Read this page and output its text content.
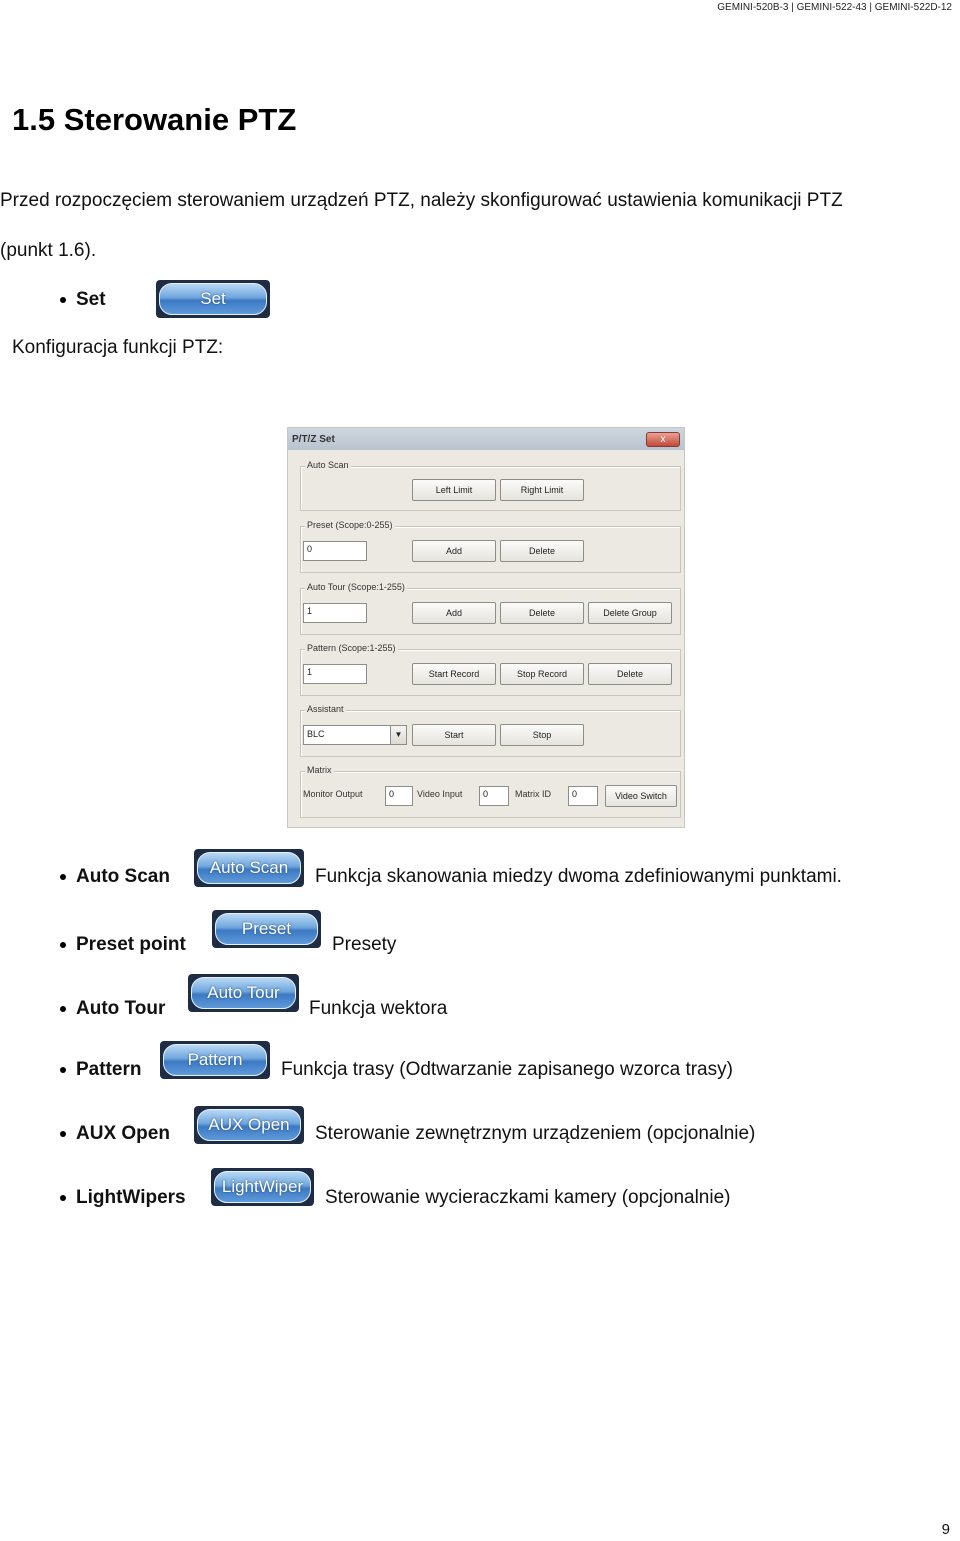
GEMINI-520B-3 | GEMINI-522-43 | GEMINI-522D-12
1.5 Sterowanie PTZ
Przed rozpoczęciem sterowaniem urządzeń PTZ, należy skonfigurować ustawienia komunikacji PTZ
(punkt 1.6).
Set	Set
Konfiguracja funkcji PTZ:
P/T/Z Set	x
Auto Scan
Left Limit	Right Limit
Preset (Scope:0-255)
0	Add	Delete
Auto Tour (Scope:1-255)
1	Add	Delete	Delete Group
Pattern (Scope:1-255)
1	Start Record	Stop Record	Delete
Assistant
BLC	▼	Start	Stop
Matrix
Monitor Output	0	Video Input	0	Matrix ID	0	Video Switch
Auto Scan	Auto Scan	Funkcja skanowania miedzy dwoma zdefiniowanymi punktami.
Preset point
Preset
Presety
Auto Tour
Auto Tour
Funkcja wektora
Pattern	Pattern	Funkcja trasy (Odtwarzanie zapisanego wzorca trasy)
AUX Open	AUX Open	Sterowanie zewnętrznym urządzeniem (opcjonalnie)
LightWipers
LightWiper
Sterowanie wycieraczkami kamery (opcjonalnie)
9
